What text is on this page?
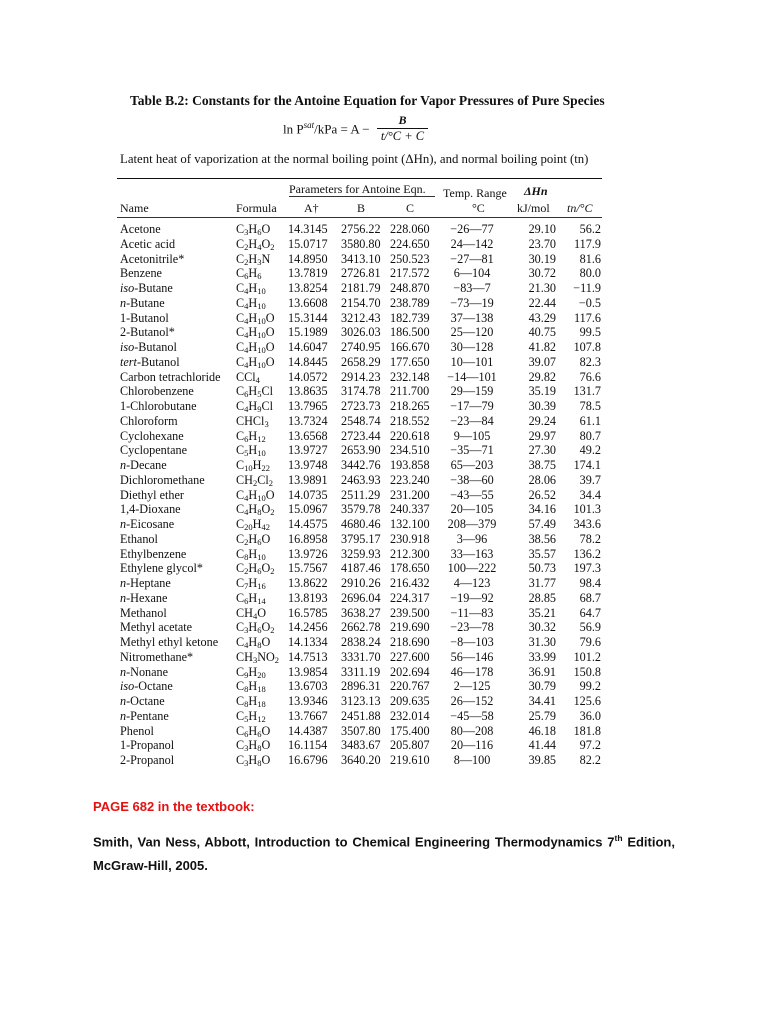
Table B.2: Constants for the Antoine Equation for Vapor Pressures of Pure Species
$\ln P^{sat}$/kPa = $A - \frac{B}{t/^\circ C + C}$
Latent heat of vaporization at the normal boiling point (ΔHn), and normal boiling point (tn)
Parameters for Antoine Eqn. Temp. Range
°C
ΔHn
kJ/mol
Name	Formula A†	B	C	tn/°C
Acetone	$C_3H_6O$ 14.3145 2756.22 228.060	−26—77	29.10	56.2
Acetic acid	$C_2H_4O_2$ 15.0717 3580.80 224.650	24—142	23.70	117.9
Acetonitrile*	$C_2H_3N$ 14.8950 3413.10 250.523	−27—81	30.19	81.6
Benzene	$C_6H_6$ 13.7819 2726.81 217.572	6—104	30.72	80.0
iso-Butane	$C_4H_{10}$ 13.8254 2181.79 248.870	−83—7	21.30	−11.9
n-Butane	$C_4H_{10}$ 13.6608 2154.70 238.789	−73—19	22.44	−0.5
1-Butanol	$C_4H_{10}O$ 15.3144 3212.43 182.739	37—138	43.29	117.6
2-Butanol*	$C_4H_{10}O$ 15.1989 3026.03 186.500	25—120	40.75	99.5
iso-Butanol	$C_4H_{10}O$ 14.6047 2740.95 166.670	30—128	41.82	107.8
tert-Butanol	$C_4H_{10}O$ 14.8445 2658.29 177.650	10—101	39.07	82.3
Carbon tetrachloride CCl$_4$ 14.0572 2914.23 232.148	−14—101	29.82	76.6
Chlorobenzene	$C_6H_5Cl$ 13.8635 3174.78 211.700	29—159	35.19	131.7
1-Chlorobutane	$C_4H_9Cl$ 13.7965 2723.73 218.265	−17—79	30.39	78.5
Chloroform	CHCl$_3$ 13.7324 2548.74 218.552	−23—84	29.24	61.1
Cyclohexane	$C_6H_{12}$ 13.6568 2723.44 220.618	9—105	29.97	80.7
Cyclopentane	$C_5H_{10}$ 13.9727 2653.90 234.510	−35—71	27.30	49.2
n-Decane	$C_{10}H_{22}$ 13.9748 3442.76 193.858	65—203	38.75	174.1
Dichloromethane	$CH_2Cl_2$ 13.9891 2463.93 223.240	−38—60	28.06	39.7
Diethyl ether	$C_4H_{10}O$ 14.0735 2511.29 231.200	−43—55	26.52	34.4
1,4-Dioxane	$C_4H_8O_2$ 15.0967 3579.78 240.337	20—105	34.16	101.3
n-Eicosane	$C_{20}H_{42}$ 14.4575 4680.46 132.100	208—379	57.49	343.6
Ethanol	$C_2H_6O$ 16.8958 3795.17 230.918	3—96	38.56	78.2
Ethylbenzene	$C_8H_{10}$ 13.9726 3259.93 212.300	33—163	35.57	136.2
Ethylene glycol*	$C_2H_6O_2$ 15.7567 4187.46 178.650	100—222	50.73	197.3
n-Heptane	$C_7H_{16}$ 13.8622 2910.26 216.432	4—123	31.77	98.4
n-Hexane	$C_6H_{14}$ 13.8193 2696.04 224.317	−19—92	28.85	68.7
Methanol	$CH_4O$ 16.5785 3638.27 239.500	−11—83	35.21	64.7
Methyl acetate	$C_3H_6O_2$ 14.2456 2662.78 219.690	−23—78	30.32	56.9
Methyl ethyl ketone $C_4H_8O$ 14.1334 2838.24 218.690	−8—103	31.30	79.6
Nitromethane*	$CH_3NO_2$ 14.7513 3331.70 227.600	56—146	33.99	101.2
n-Nonane	$C_9H_{20}$ 13.9854 3311.19 202.694	46—178	36.91	150.8
iso-Octane	$C_8H_{18}$ 13.6703 2896.31 220.767	2—125	30.79	99.2
n-Octane	$C_8H_{18}$ 13.9346 3123.13 209.635	26—152	34.41	125.6
n-Pentane	$C_5H_{12}$ 13.7667 2451.88 232.014	−45—58	25.79	36.0
Phenol	$C_6H_6O$ 14.4387 3507.80 175.400	80—208	46.18	181.8
1-Propanol	$C_3H_8O$ 16.1154 3483.67 205.807	20—116	41.44	97.2
2-Propanol	$C_3H_8O$ 16.6796 3640.20 219.610	8—100	39.85	82.2
PAGE 682 in the textbook:
Smith, Van Ness, Abbott, Introduction to Chemical Engineering Thermodynamics 7th Edition, McGraw-Hill, 2005.
